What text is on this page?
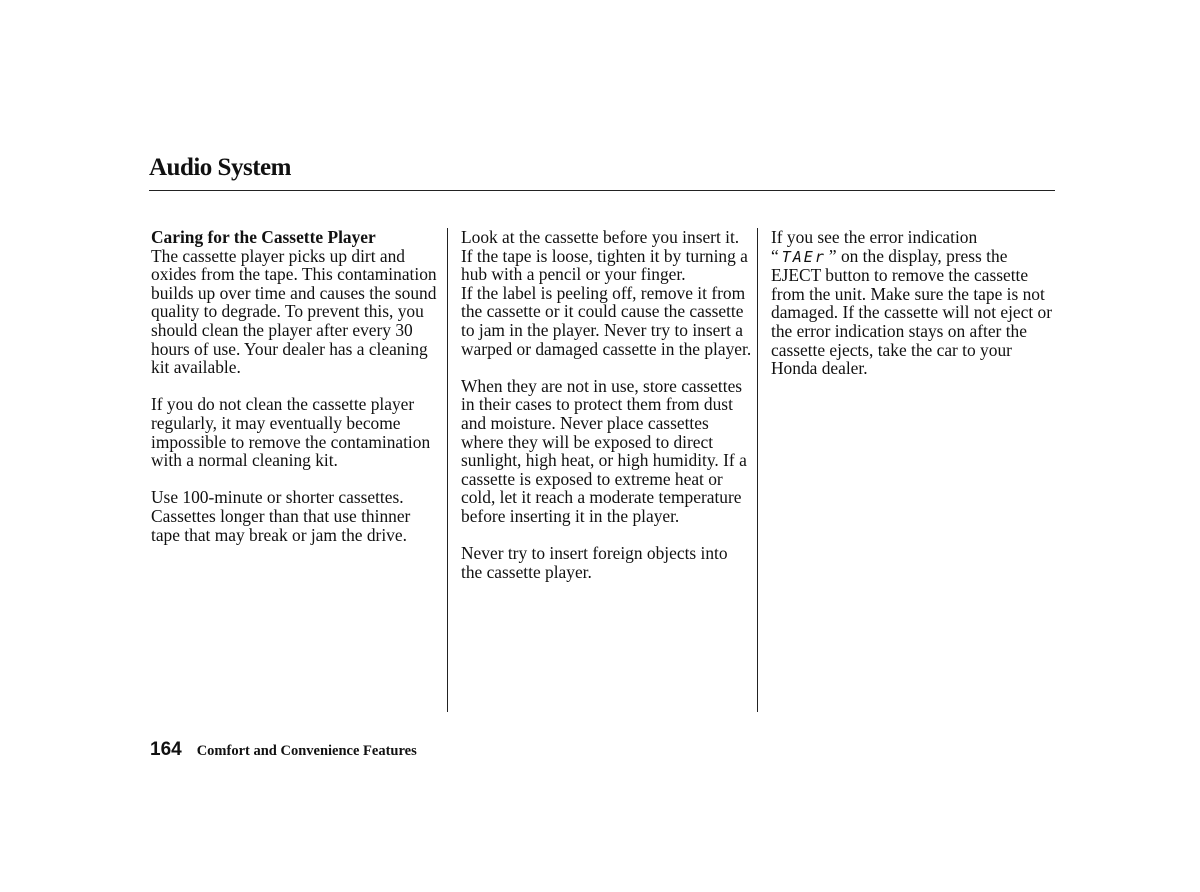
Audio System
Caring for the Cassette Player

The cassette player picks up dirt and oxides from the tape. This contamination builds up over time and causes the sound quality to degrade. To prevent this, you should clean the player after every 30 hours of use. Your dealer has a cleaning kit available.

If you do not clean the cassette player regularly, it may eventually become impossible to remove the contamination with a normal cleaning kit.

Use 100-minute or shorter cassettes. Cassettes longer than that use thinner tape that may break or jam the drive.

Look at the cassette before you insert it. If the tape is loose, tighten it by turning a hub with a pencil or your finger.

If the label is peeling off, remove it from the cassette or it could cause the cassette to jam in the player. Never try to insert a warped or damaged cassette in the player.

When they are not in use, store cassettes in their cases to protect them from dust and moisture. Never place cassettes where they will be exposed to direct sunlight, high heat, or high humidity. If a cassette is exposed to extreme heat or cold, let it reach a moderate temperature before inserting it in the player.

Never try to insert foreign objects into the cassette player.

If you see the error indication
“ TAEr ” on the display, press the EJECT button to remove the cassette from the unit. Make sure the tape is not damaged. If the cassette will not eject or the error indication stays on after the cassette ejects, take the car to your Honda dealer.

164 Comfort and Convenience Features
